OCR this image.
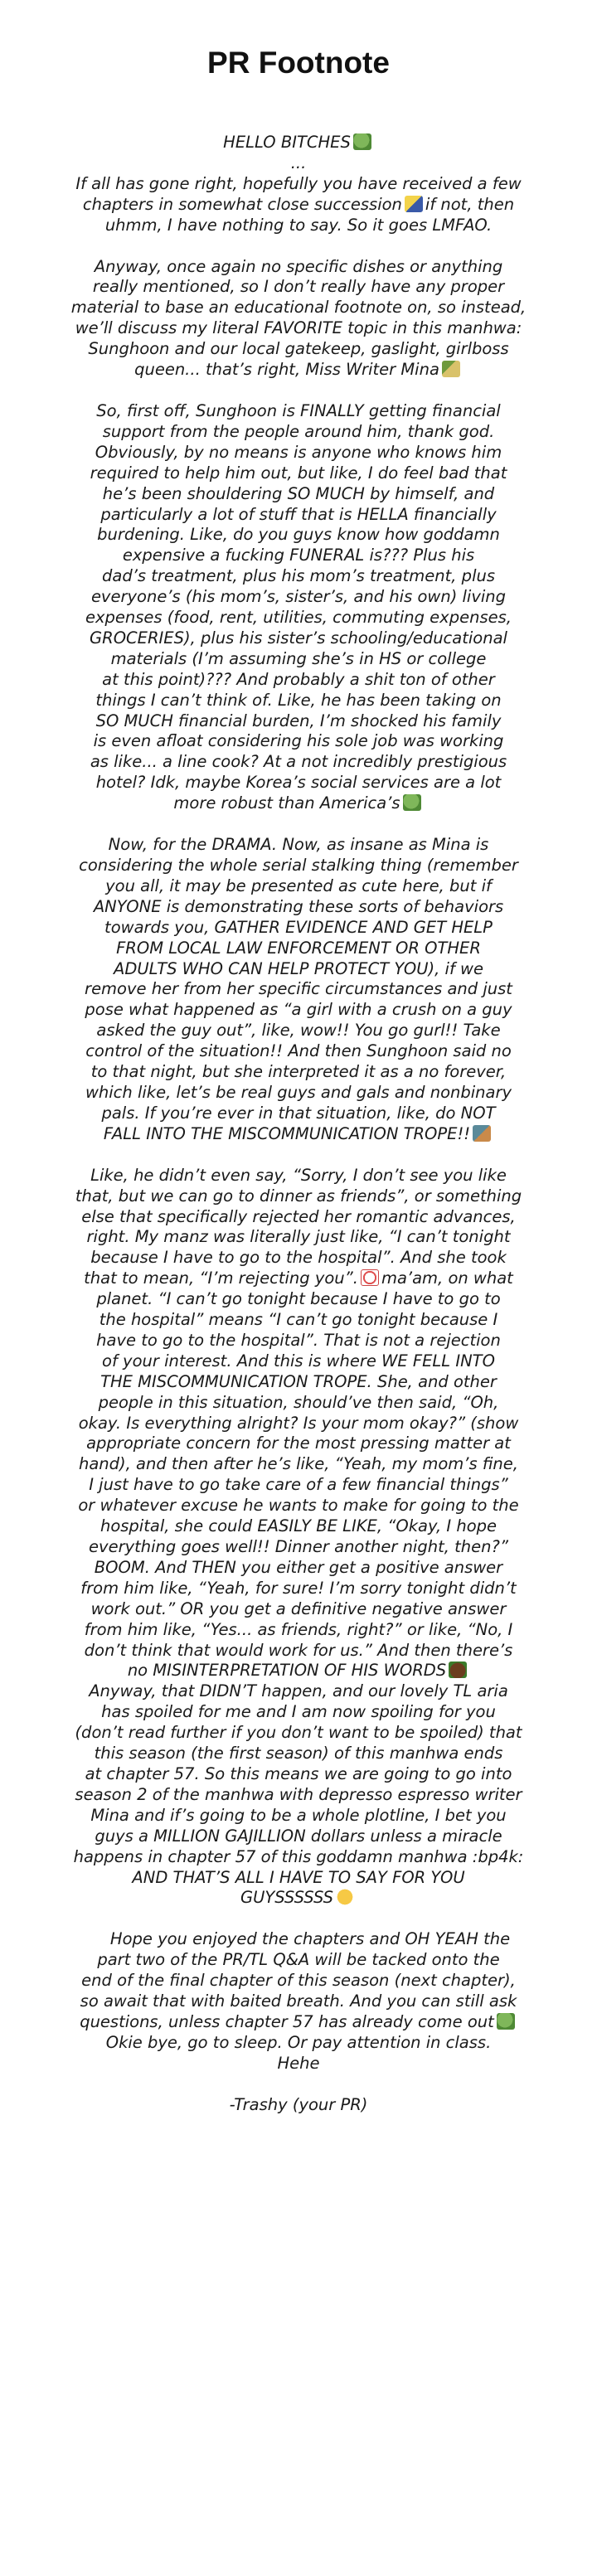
PR Footnote
HELLO BITCHES
...
If all has gone right, hopefully you have received a few
chapters in somewhat close succession if not, then
uhmm, I have nothing to say. So it goes LMFAO.
Anyway, once again no specific dishes or anything
really mentioned, so I don’t really have any proper
material to base an educational footnote on, so instead,
we’ll discuss my literal FAVORITE topic in this manhwa:
Sunghoon and our local gatekeep, gaslight, girlboss
queen... that’s right, Miss Writer Mina
So, first off, Sunghoon is FINALLY getting financial
support from the people around him, thank god.
Obviously, by no means is anyone who knows him
required to help him out, but like, I do feel bad that
he’s been shouldering SO MUCH by himself, and
particularly a lot of stuff that is HELLA financially
burdening. Like, do you guys know how goddamn
expensive a fucking FUNERAL is??? Plus his
dad’s treatment, plus his mom’s treatment, plus
everyone’s (his mom’s, sister’s, and his own) living
expenses (food, rent, utilities, commuting expenses,
GROCERIES), plus his sister’s schooling/educational
materials (I’m assuming she’s in HS or college
at this point)??? And probably a shit ton of other
things I can’t think of. Like, he has been taking on
SO MUCH financial burden, I’m shocked his family
is even afloat considering his sole job was working
as like... a line cook? At a not incredibly prestigious
hotel? Idk, maybe Korea’s social services are a lot
more robust than America’s
Now, for the DRAMA. Now, as insane as Mina is
considering the whole serial stalking thing (remember
you all, it may be presented as cute here, but if
ANYONE is demonstrating these sorts of behaviors
towards you, GATHER EVIDENCE AND GET HELP
FROM LOCAL LAW ENFORCEMENT OR OTHER
ADULTS WHO CAN HELP PROTECT YOU), if we
remove her from her specific circumstances and just
pose what happened as “a girl with a crush on a guy
asked the guy out”, like, wow!! You go gurl!! Take
control of the situation!! And then Sunghoon said no
to that night, but she interpreted it as a no forever,
which like, let’s be real guys and gals and nonbinary
pals. If you’re ever in that situation, like, do NOT
FALL INTO THE MISCOMMUNICATION TROPE!!
Like, he didn’t even say, “Sorry, I don’t see you like
that, but we can go to dinner as friends”, or something
else that specifically rejected her romantic advances,
right. My manz was literally just like, “I can’t tonight
because I have to go to the hospital”. And she took
that to mean, “I’m rejecting you”. ma’am, on what
planet. “I can’t go tonight because I have to go to
the hospital” means “I can’t go tonight because I
have to go to the hospital”. That is not a rejection
of your interest. And this is where WE FELL INTO
THE MISCOMMUNICATION TROPE. She, and other
people in this situation, should’ve then said, “Oh,
okay. Is everything alright? Is your mom okay?” (show
appropriate concern for the most pressing matter at
hand), and then after he’s like, “Yeah, my mom’s fine,
I just have to go take care of a few financial things”
or whatever excuse he wants to make for going to the
hospital, she could EASILY BE LIKE, “Okay, I hope
everything goes well!! Dinner another night, then?”
BOOM. And THEN you either get a positive answer
from him like, “Yeah, for sure! I’m sorry tonight didn’t
work out.” OR you get a definitive negative answer
from him like, “Yes... as friends, right?” or like, “No, I
don’t think that would work for us.” And then there’s
no MISINTERPRETATION OF HIS WORDS
Anyway, that DIDN’T happen, and our lovely TL aria
has spoiled for me and I am now spoiling for you
(don’t read further if you don’t want to be spoiled) that
this season (the first season) of this manhwa ends
at chapter 57. So this means we are going to go into
season 2 of the manhwa with depresso espresso writer
Mina and if’s going to be a whole plotline, I bet you
guys a MILLION GAJILLION dollars unless a miracle
happens in chapter 57 of this goddamn manhwa :bp4k:
AND THAT’S ALL I HAVE TO SAY FOR YOU
GUYSSSSSS
Hope you enjoyed the chapters and OH YEAH the
part two of the PR/TL Q&A will be tacked onto the
end of the final chapter of this season (next chapter),
so await that with baited breath. And you can still ask
questions, unless chapter 57 has already come out
Okie bye, go to sleep. Or pay attention in class.
Hehe
-Trashy (your PR)
